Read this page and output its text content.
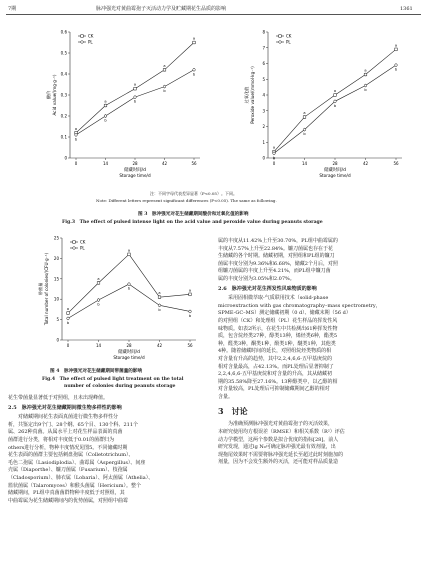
7期	脉冲强光对黄曲霉孢子灭活动力学及贮藏期花生品质的影响	1361
0
0.1
0.2
0.3
0.4
0.5
0.6
0	14	28	42	56
储藏时间/d
Storage time/d
酸价 Acid value/(mg·g⁻¹)
a
a
a
a
a
b
b
b
b
b
CK
PL
0
1
2
3
4
5
6
7
8
0	14	28	42	56
储藏时间/d
Storage time/d
过氧化值 Peroxide value/(mmol·kg⁻¹)
a
a
a
a
a
b
b
b
b
b
CK
PL
注：不同字母代表差异显著（P<0.05）。下同。
Note: Different letters represent significant differences (P<0.05). The same as following.
图 3　脉冲强光对花生储藏期间酸价和过氧化值的影响
Fig.3　The effect of pulsed intense light on the acid value and peroxide value during peanuts storage
0
5
10
15
20
25
0	14	28	42	56
储藏时间/d
Storage time/d
带菌量 Total number of colonies/(CFU·g⁻¹)	a
a
a
a
a
b
b
b
b
b
CK
PL
图 4　脉冲强光对花生储藏期间带菌量的影响
Fig.4　The effect of pulsed light treatment on the total
number of colonies during peanuts storage

花生带菌量显著低于对照组，且未出现峰值。

2.5　脉冲强光对花生储藏期间微生物多样性的影响

对储藏期间花生表面真菌进行微生物多样性分

析，共鉴定出9个门、28个纲、65个目、130个科、211个

属、262种真菌。从属水平上对花生样品表面的真菌

菌群进行分类，将相对丰度低于0.01的菌群归为

others进行分析，物种丰度情况见图5。不同储藏时期

花生表面的菌群主要包括刺盘孢属（Colletotrichum）、

毛色二孢属（Lasiodiplodia）、曲霉属（Aspergillus）、间座

壳属（Diaporthe）、镰刀菌属（Fusarium）、枝孢属

（Cladosporium）、肺衣属（Lobaria）、阿太菌属（Athelia）、

篮状菌属（Talaromyces）和猴头菌属（Hericium）。整个

储藏期间，PL组中真菌菌群物种丰度低于对照组，其

中曲霉属为花生储藏期间内的优势菌属，对照组中曲霉

属的丰度从11.42%上升至30.70%，PL组中曲霉属的

丰度从7.57%上升至22.84%。镰刀菌属也存在于花

生储藏的各个时期。储藏初期，对照组和PL组的镰刀

菌属丰度分别为9.36%和6.68%，储藏2个月后，对照

组镰刀菌属的丰度上升至4.21%，而PL组中镰刀菌

属的丰度分别为3.05%和2.07%。

2.6　脉冲强光对花生挥发性风味物质的影响

采用固相微萃取-气质联用技术（solid-phase

microextraction with gas chromatography–mass spectrometry，

SPME-GC–MS）测定储藏初期（0 d）、储藏末期（56 d）

的对照组（CK）和处理组（PL）花生样品的挥发性风

味物质。如表2所示，在花生中共检测出61种挥发性物

质，包含烷烃类27种，醇类13种，烯烃类6种，酯类5

种，醛类3种，酮类1种，酚类1种，醚类1种，其他类

4种。随着储藏时间的延长，对照组烷烃类物质的相

对含量有升高的趋势，其中2,2,4,6,6-五甲基庚烷的

相对含量最高，占42.13%。而PL处理后显著抑制了

2,2,4,6,6-五甲基庚烷和对含量的升高，其从储藏初

期的35.58%降至27.16%。13种醇类中，以乙醇的相

对含量较高，PL处理后可抑制储藏期间乙醇的相对

含量。

3　讨论

为准确预测脉冲强光对黄曲霉孢子的灭活效果，

本研究使用均方根误差（RMSE）和相关系数（R²）评估

动力学模型，这两个参数是拟合优度的指标[28]。前人

研究发现，通过lg N₀可确定脉冲强光最有效剂量，出

现拖尾效果时不需要将脉冲强光延长至超过此时刻施加的

剂量，因为不会发生额外的灭活，还可能对样品质量造
